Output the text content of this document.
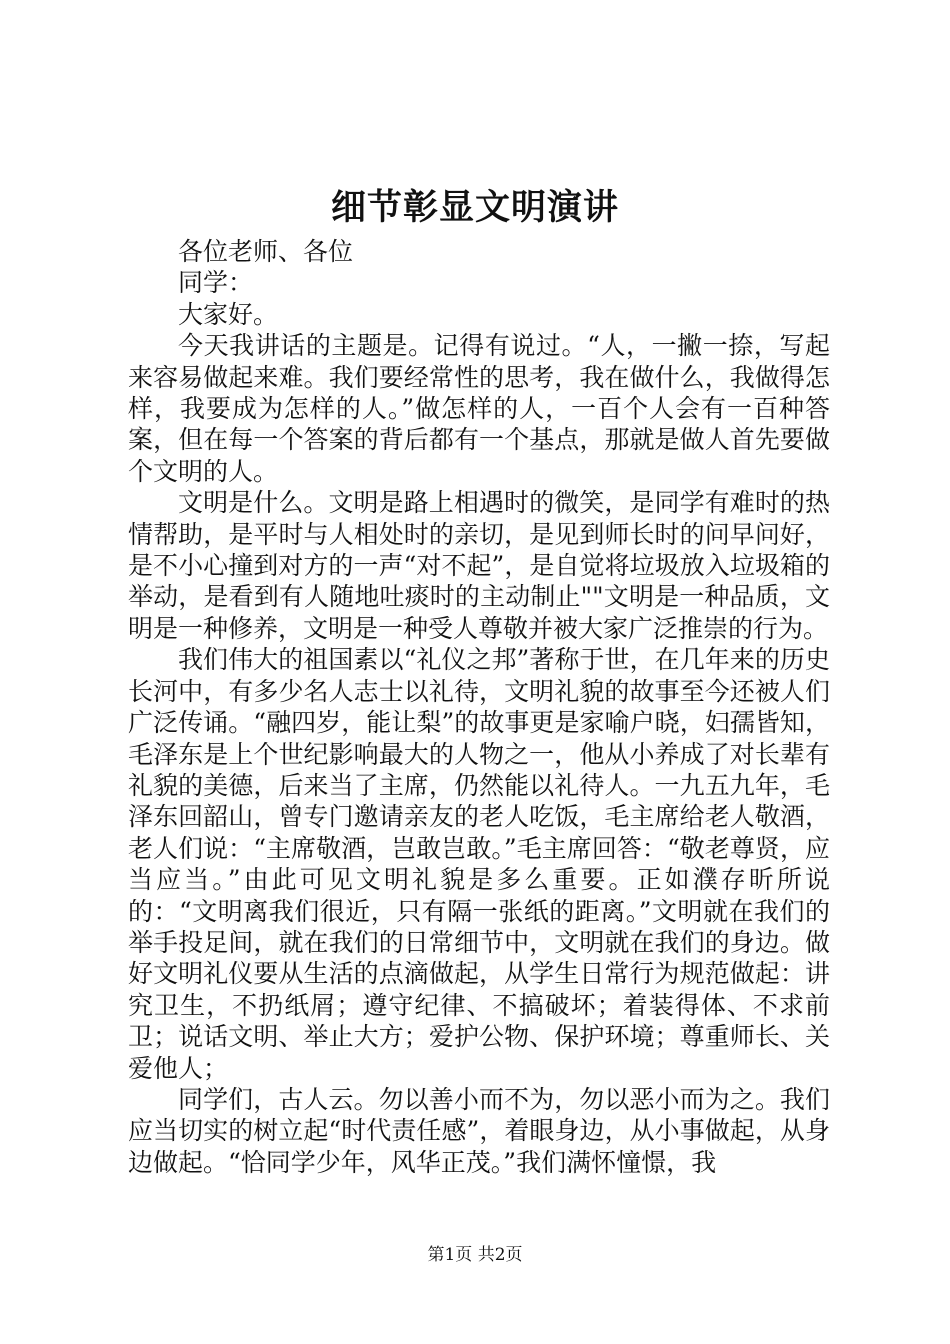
细节彰显文明演讲

各位老师、各位

同学：

大家好。

今天我讲话的主题是。记得有说过。“人，一撇一捺，写起来容易做起来难。我们要经常性的思考，我在做什么，我做得怎样，我要成为怎样的人。”做怎样的人，一百个人会有一百种答案，但在每一个答案的背后都有一个基点，那就是做人首先要做个文明的人。

文明是什么。文明是路上相遇时的微笑，是同学有难时的热情帮助，是平时与人相处时的亲切，是见到师长时的问早问好，是不小心撞到对方的一声“对不起”，是自觉将垃圾放入垃圾箱的举动，是看到有人随地吐痰时的主动制止""文明是一种品质，文明是一种修养，文明是一种受人尊敬并被大家广泛推崇的行为。

我们伟大的祖国素以“礼仪之邦”著称于世，在几年来的历史长河中，有多少名人志士以礼待，文明礼貌的故事至今还被人们广泛传诵。“融四岁，能让梨”的故事更是家喻户晓，妇孺皆知，毛泽东是上个世纪影响最大的人物之一，他从小养成了对长辈有礼貌的美德，后来当了主席，仍然能以礼待人。一九五九年，毛泽东回韶山，曾专门邀请亲友的老人吃饭，毛主席给老人敬酒，老人们说：“主席敬酒，岂敢岂敢。”毛主席回答：“敬老尊贤，应当应当。”由此可见文明礼貌是多么重要。正如濮存昕所说的：“文明离我们很近，只有隔一张纸的距离。”文明就在我们的举手投足间，就在我们的日常细节中，文明就在我们的身边。做好文明礼仪要从生活的点滴做起，从学生日常行为规范做起：讲究卫生，不扔纸屑；遵守纪律、不搞破坏；着装得体、不求前卫；说话文明、举止大方；爱护公物、保护环境；尊重师长、关爱他人；

同学们，古人云。勿以善小而不为，勿以恶小而为之。我们应当切实的树立起“时代责任感”，着眼身边，从小事做起，从身边做起。“恰同学少年，风华正茂。”我们满怀憧憬，我

第1页 共2页
